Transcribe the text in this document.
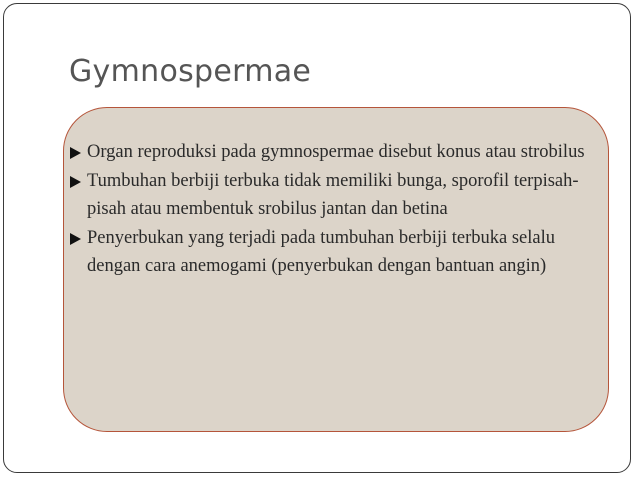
Gymnospermae
Organ reproduksi pada gymnospermae disebut konus atau strobilus
Tumbuhan berbiji terbuka tidak memiliki bunga, sporofil terpisah-pisah atau membentuk srobilus jantan dan betina
Penyerbukan yang terjadi pada tumbuhan berbiji terbuka selalu dengan cara anemogami (penyerbukan dengan bantuan angin)
